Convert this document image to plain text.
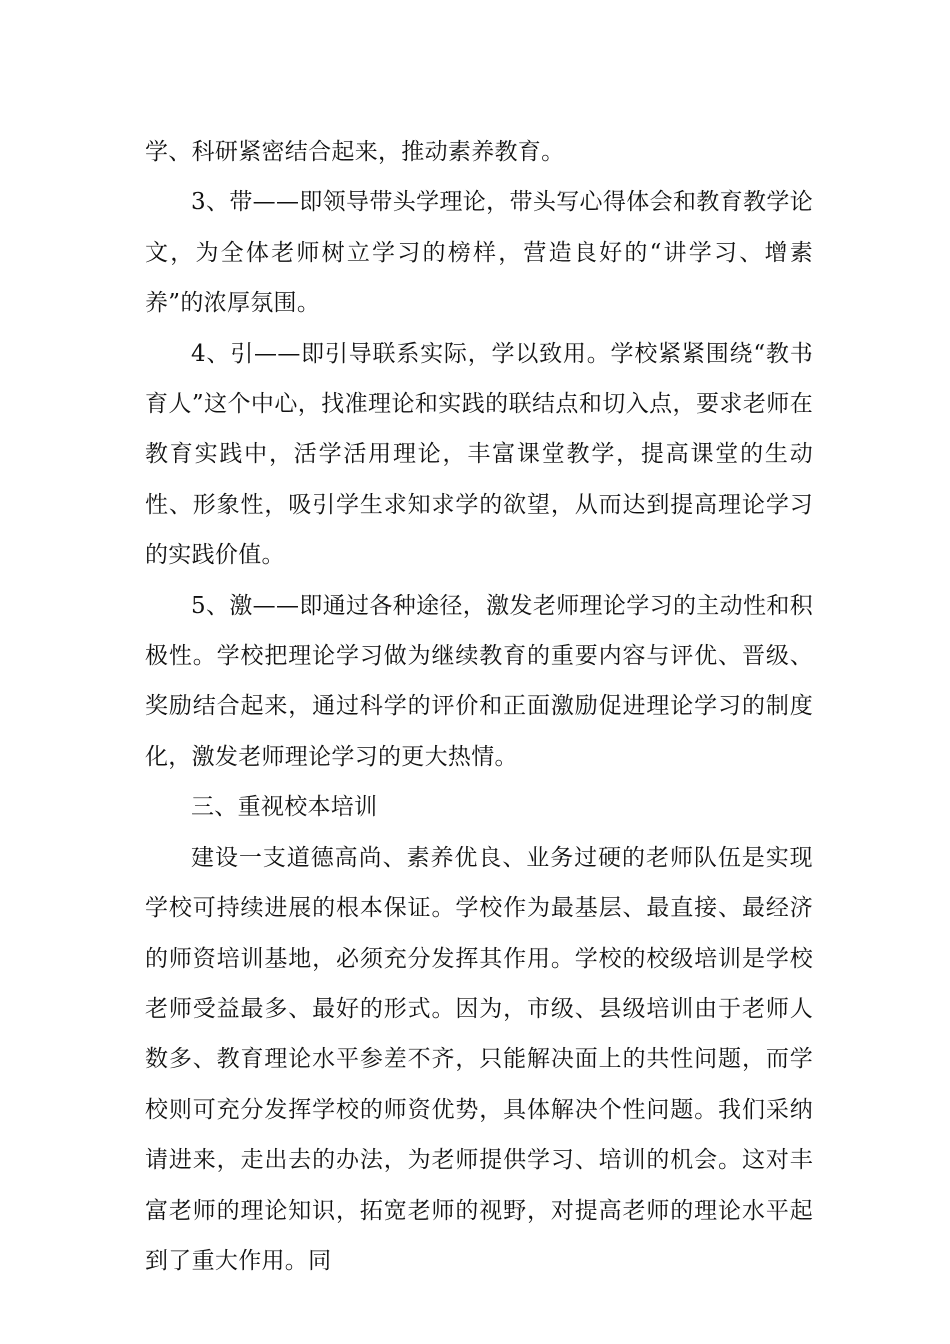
学、科研紧密结合起来，推动素养教育。

3、带——即领导带头学理论，带头写心得体会和教育教学论文，为全体老师树立学习的榜样，营造良好的“讲学习、增素养”的浓厚氛围。

4、引——即引导联系实际，学以致用。学校紧紧围绕“教书育人”这个中心，找准理论和实践的联结点和切入点，要求老师在教育实践中，活学活用理论，丰富课堂教学，提高课堂的生动性、形象性，吸引学生求知求学的欲望，从而达到提高理论学习的实践价值。

5、激——即通过各种途径，激发老师理论学习的主动性和积极性。学校把理论学习做为继续教育的重要内容与评优、晋级、奖励结合起来，通过科学的评价和正面激励促进理论学习的制度化，激发老师理论学习的更大热情。

三、重视校本培训

建设一支道德高尚、素养优良、业务过硬的老师队伍是实现学校可持续进展的根本保证。学校作为最基层、最直接、最经济的师资培训基地，必须充分发挥其作用。学校的校级培训是学校老师受益最多、最好的形式。因为，市级、县级培训由于老师人数多、教育理论水平参差不齐，只能解决面上的共性问题，而学校则可充分发挥学校的师资优势，具体解决个性问题。我们采纳请进来，走出去的办法，为老师提供学习、培训的机会。这对丰富老师的理论知识，拓宽老师的视野，对提高老师的理论水平起到了重大作用。同
